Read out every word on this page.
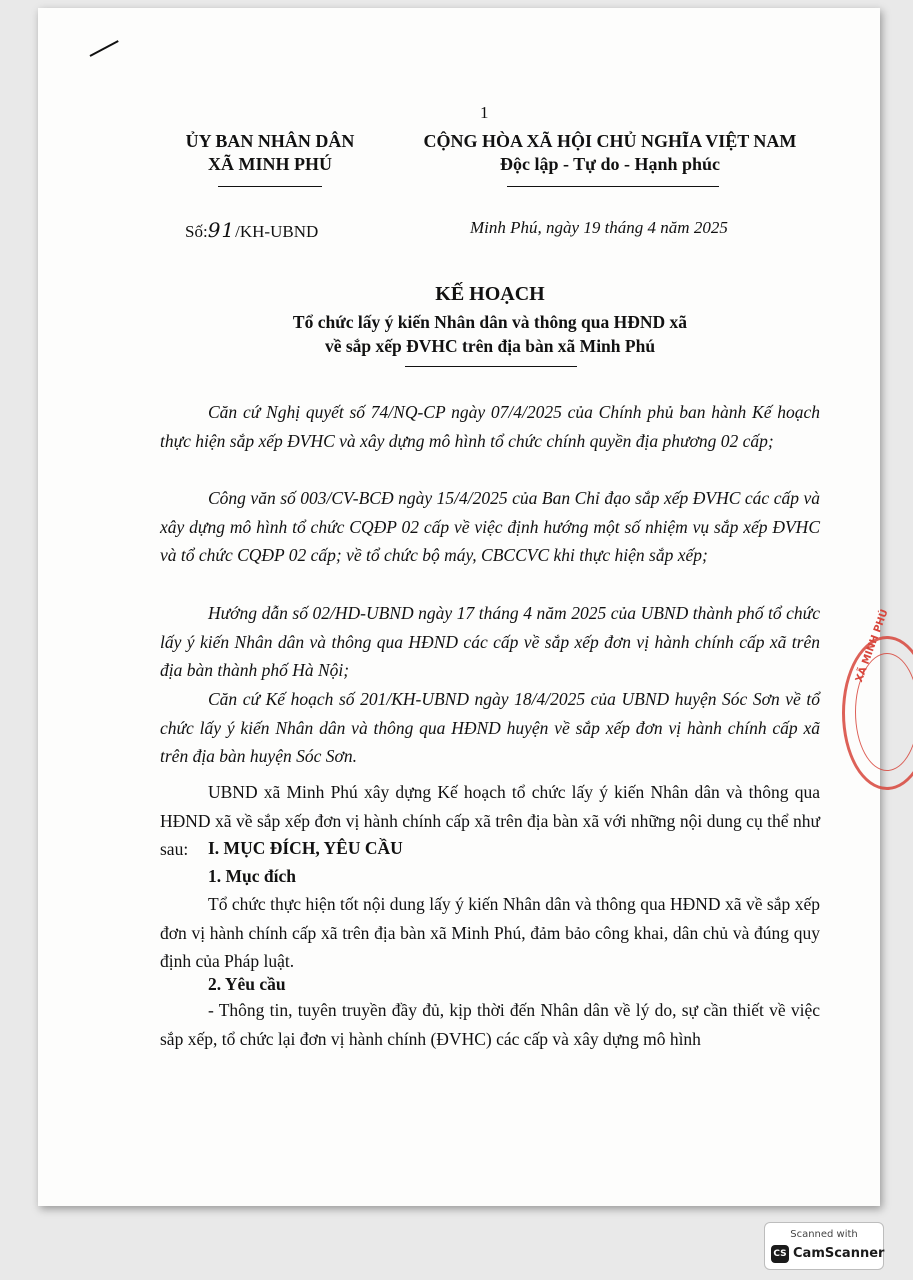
1
ỦY BAN NHÂN DÂN
XÃ MINH PHÚ
CỘNG HÒA XÃ HỘI CHỦ NGHĨA VIỆT NAM
Độc lập - Tự do - Hạnh phúc
Số:91/KH-UBND	Minh Phú, ngày 19 tháng 4 năm 2025
KẾ HOẠCH
Tổ chức lấy ý kiến Nhân dân và thông qua HĐND xã
về sắp xếp ĐVHC trên địa bàn xã Minh Phú
Căn cứ Nghị quyết số 74/NQ-CP ngày 07/4/2025 của Chính phủ ban hành Kế hoạch thực hiện sắp xếp ĐVHC và xây dựng mô hình tổ chức chính quyền địa phương 02 cấp;
Công văn số 003/CV-BCĐ ngày 15/4/2025 của Ban Chỉ đạo sắp xếp ĐVHC các cấp và xây dựng mô hình tổ chức CQĐP 02 cấp về việc định hướng một số nhiệm vụ sắp xếp ĐVHC và tổ chức CQĐP 02 cấp; về tổ chức bộ máy, CBCCVC khi thực hiện sắp xếp;
Hướng dẫn số 02/HD-UBND ngày 17 tháng 4 năm 2025 của UBND thành phố tổ chức lấy ý kiến Nhân dân và thông qua HĐND các cấp về sắp xếp đơn vị hành chính cấp xã trên địa bàn thành phố Hà Nội;
Căn cứ Kế hoạch số 201/KH-UBND ngày 18/4/2025 của UBND huyện Sóc Sơn về tổ chức lấy ý kiến Nhân dân và thông qua HĐND huyện về sắp xếp đơn vị hành chính cấp xã trên địa bàn huyện Sóc Sơn.
UBND xã Minh Phú xây dựng Kế hoạch tổ chức lấy ý kiến Nhân dân và thông qua HĐND xã về sắp xếp đơn vị hành chính cấp xã trên địa bàn xã với những nội dung cụ thể như sau:	I. MỤC ĐÍCH, YÊU CẦU
1. Mục đích
Tổ chức thực hiện tốt nội dung lấy ý kiến Nhân dân và thông qua HĐND xã về sắp xếp đơn vị hành chính cấp xã trên địa bàn xã Minh Phú, đảm bảo công khai, dân chủ và đúng quy định của Pháp luật.
2. Yêu cầu
- Thông tin, tuyên truyền đầy đủ, kịp thời đến Nhân dân về lý do, sự cần thiết về việc sắp xếp, tổ chức lại đơn vị hành chính (ĐVHC) các cấp và xây dựng mô hình
XÃ MINH PHÚ
Scanned with
CS CamScanner
